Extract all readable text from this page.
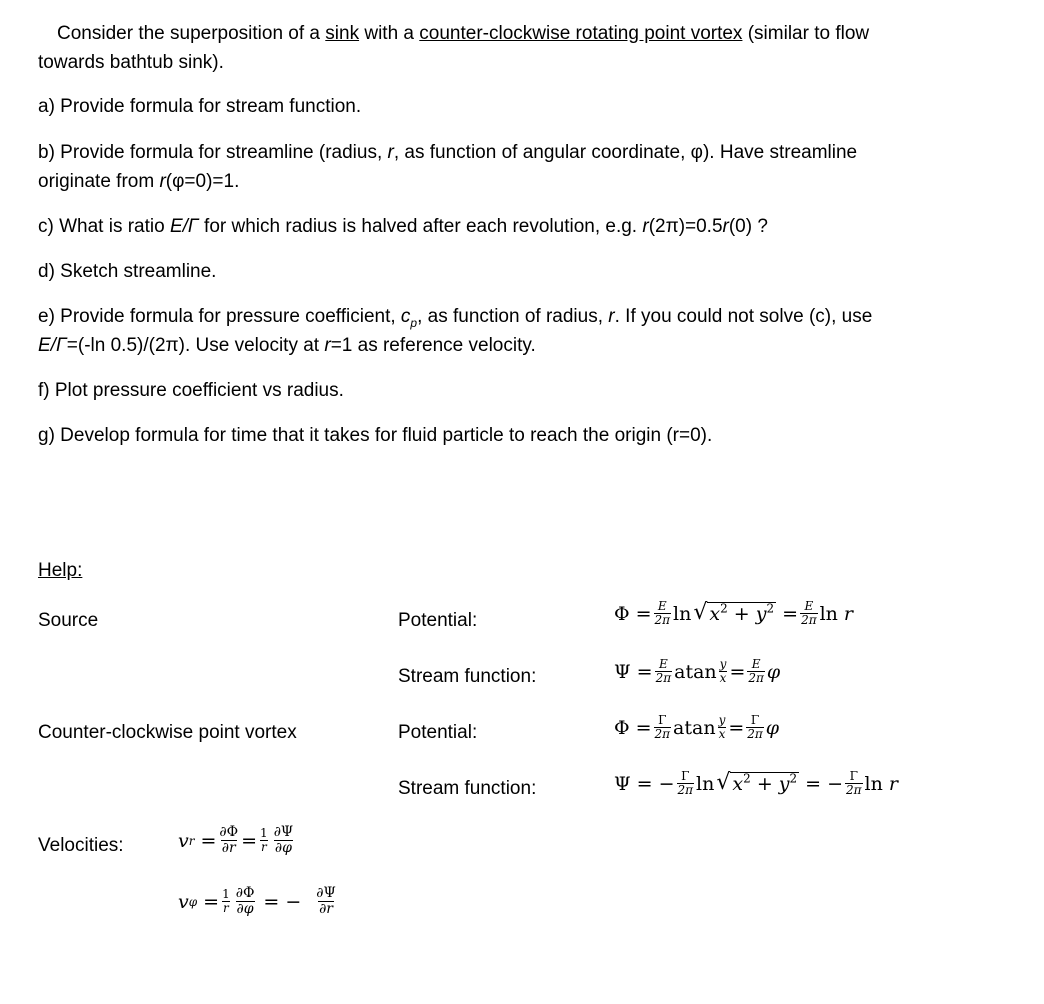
Consider the superposition of a sink with a counter-clockwise rotating point vortex (similar to flow
towards bathtub sink).
a) Provide formula for stream function.
b) Provide formula for streamline (radius, r, as function of angular coordinate, φ). Have streamline
originate from r(φ=0)=1.
c) What is ratio E/Γ for which radius is halved after each revolution, e.g. r(2π)=0.5r(0) ?
d) Sketch streamline.
e) Provide formula for pressure coefficient, $c_p$, as function of radius, r. If you could not solve (c), use
E/Γ=(-ln 0.5)/(2π). Use velocity at r=1 as reference velocity.
f) Plot pressure coefficient vs radius.
g) Develop formula for time that it takes for fluid particle to reach the origin (r=0).
Help:
Source	Potential:
Stream function:
Counter-clockwise point vortex	Potential:
Stream function:
Velocities:
$\Phi = \frac{E}{2\pi}$ ln √ $x^2 + y^2 = \frac{E}{2\pi}$ ln r
$\Psi = \frac{E}{2\pi}$ atan $\frac{y}{x} = \frac{E}{2\pi}$ φ
$\Phi = \frac{\Gamma}{2\pi}$ atan $\frac{y}{x} = \frac{\Gamma}{2\pi}$ φ
Ψ = − $\frac{\Gamma}{2\pi}$ ln √ $x^2 + y^2$ = − $\frac{\Gamma}{2\pi}$ ln r
v $r = \frac{\partial\Phi}{\partial r} = \frac{1}{r} \frac{\partial\Psi}{\partial\varphi}$
v $\varphi = \frac{1}{r} \frac{\partial\Phi}{\partial\varphi}$ = − $\frac{\partial\Psi}{\partial r}$
